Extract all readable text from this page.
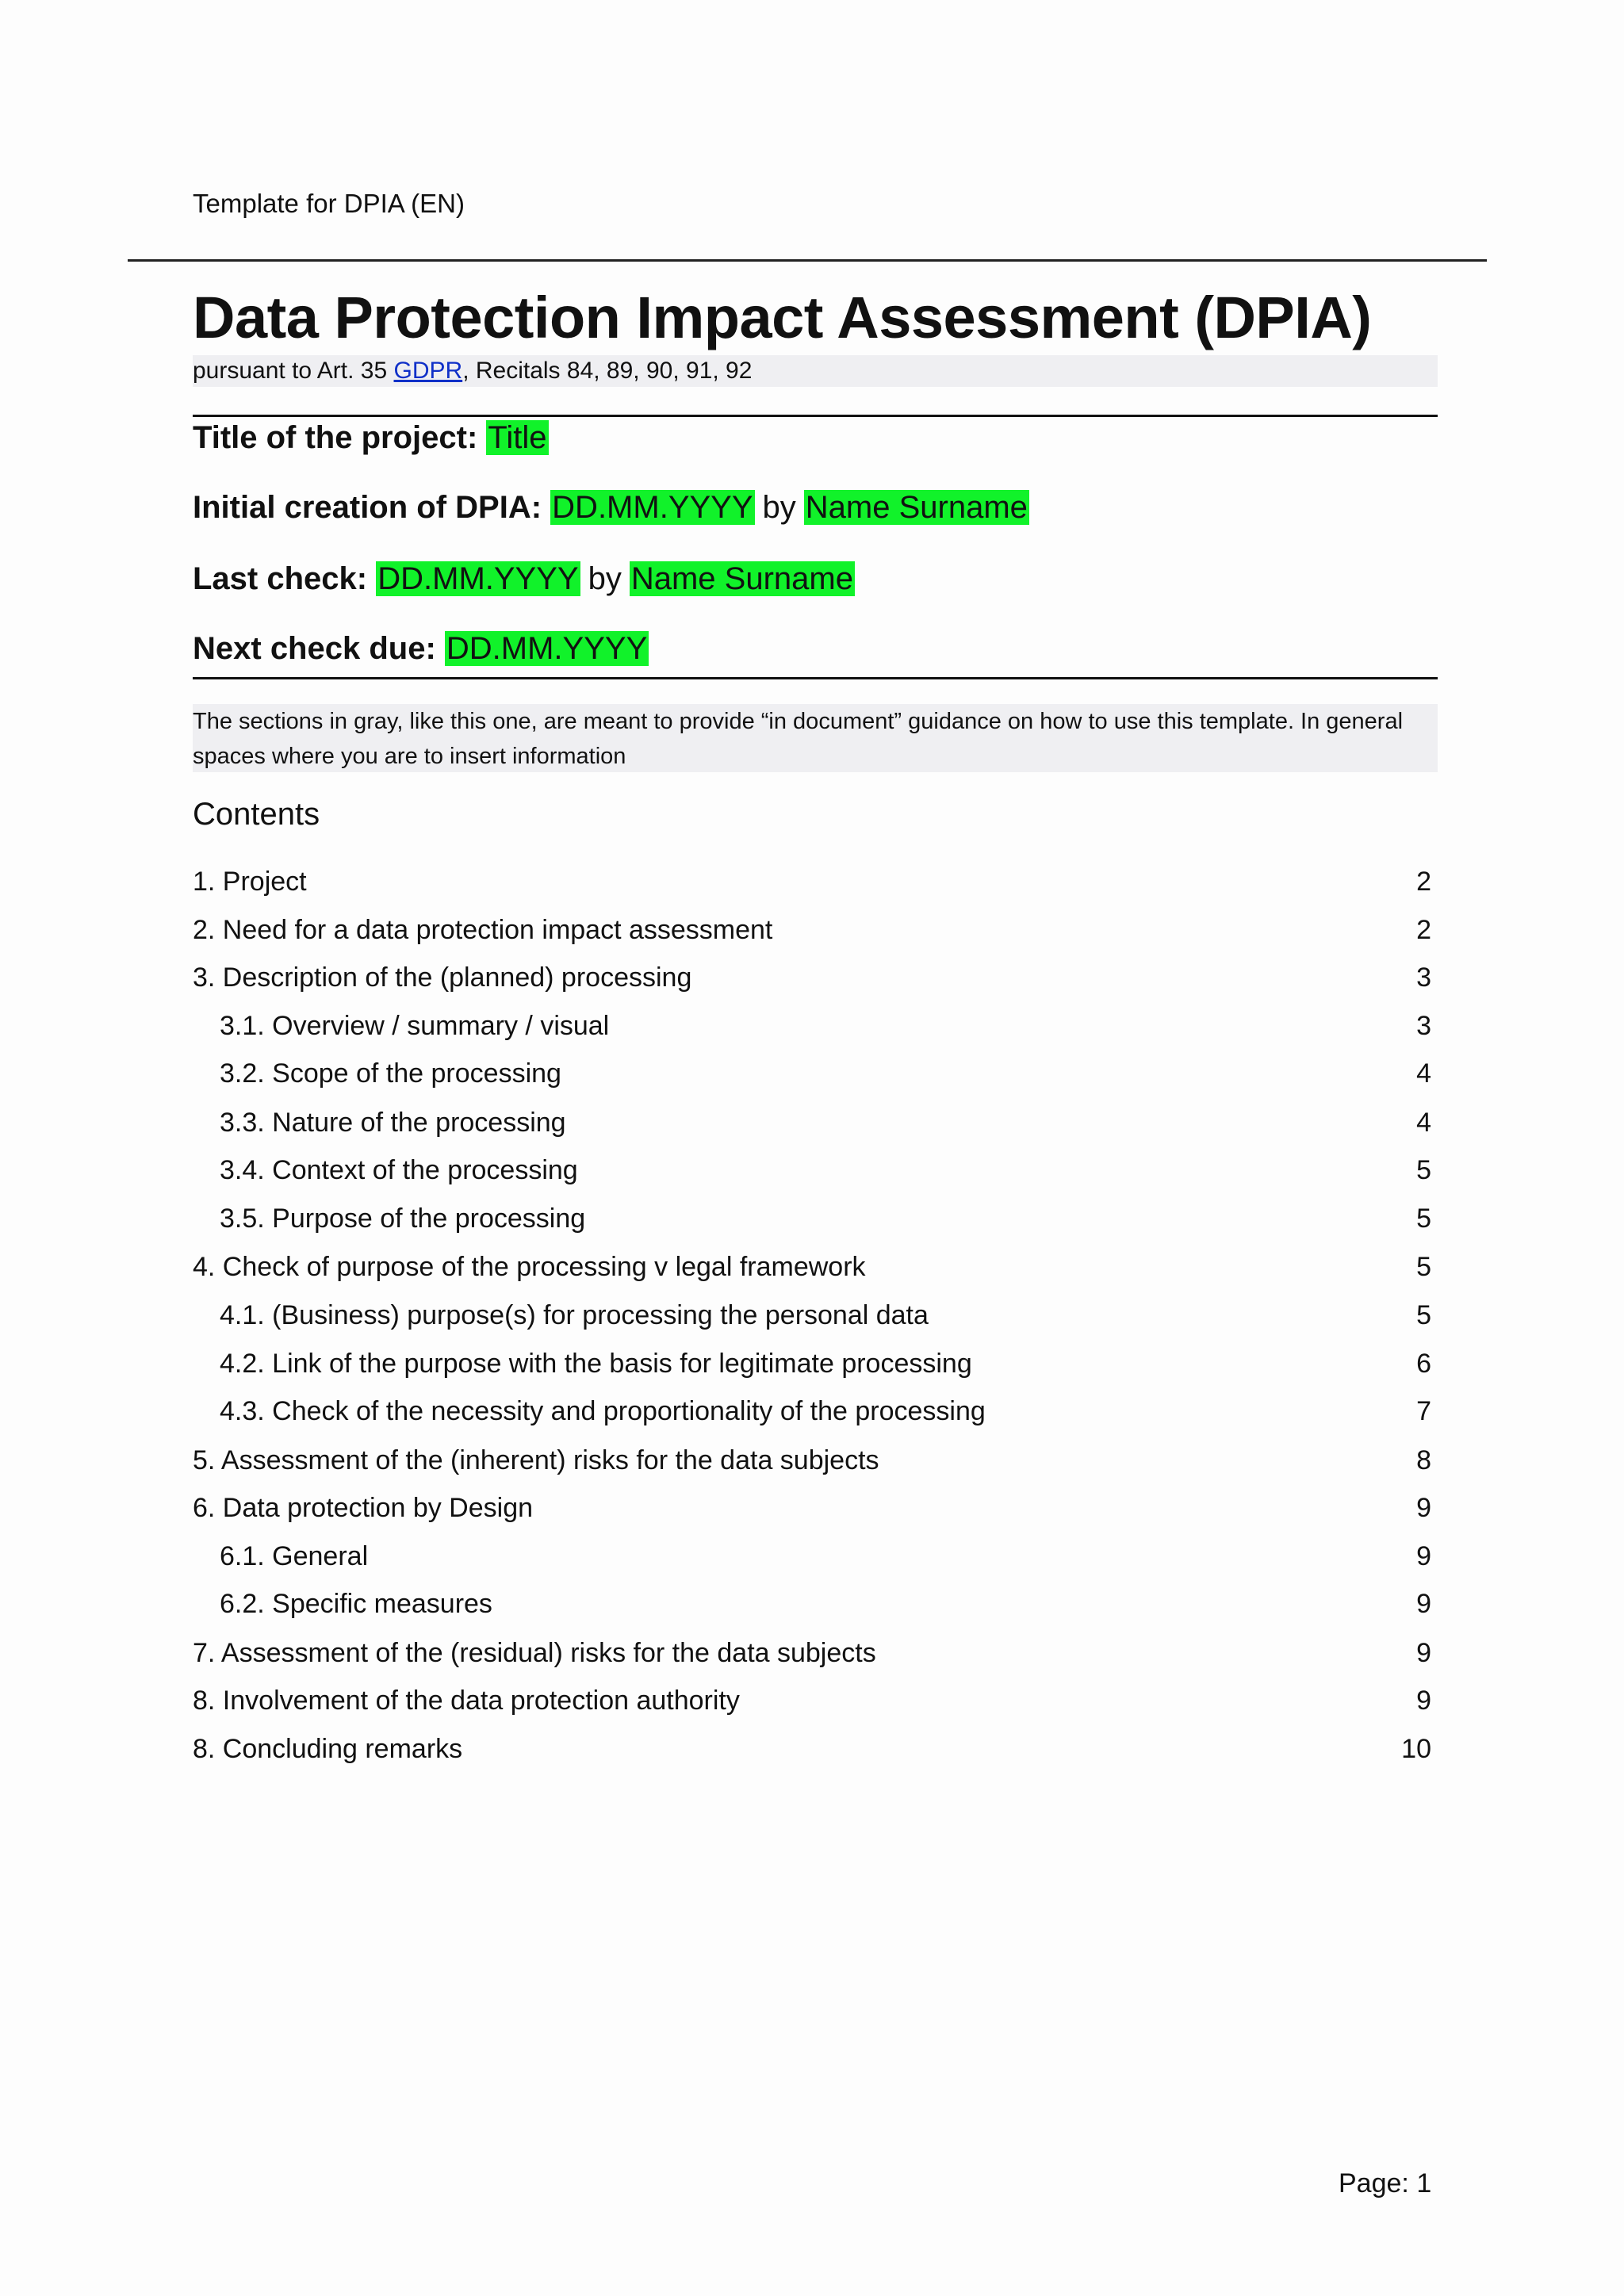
Template for DPIA (EN)
Data Protection Impact Assessment (DPIA)
pursuant to Art. 35 GDPR, Recitals 84, 89, 90, 91, 92
Title of the project: Title
Initial creation of DPIA: DD.MM.YYYY by Name Surname
Last check: DD.MM.YYYY by Name Surname
Next check due: DD.MM.YYYY
The sections in gray, like this one, are meant to provide “in document” guidance on how to use this template. In general spaces where you are to insert information
Contents
1. Project	2
2. Need for a data protection impact assessment	2
3. Description of the (planned) processing	3
3.1. Overview / summary / visual	3
3.2. Scope of the processing	4
3.3. Nature of the processing	4
3.4. Context of the processing	5
3.5. Purpose of the processing	5
4. Check of purpose of the processing v legal framework	5
4.1. (Business) purpose(s) for processing the personal data	5
4.2. Link of the purpose with the basis for legitimate processing	6
4.3. Check of the necessity and proportionality of the processing	7
5. Assessment of the (inherent) risks for the data subjects	8
6. Data protection by Design	9
6.1. General	9
6.2. Specific measures	9
7. Assessment of the (residual) risks for the data subjects	9
8. Involvement of the data protection authority	9
8. Concluding remarks	10
Page: 1
